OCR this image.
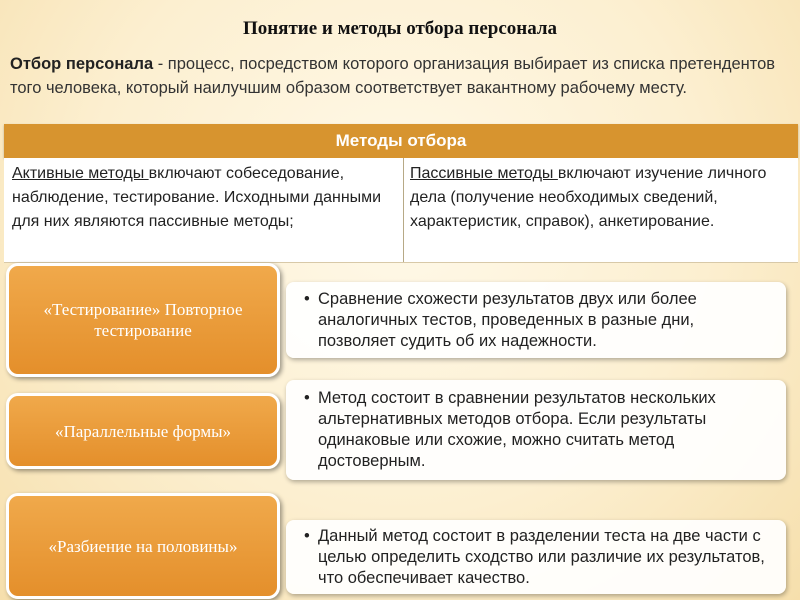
Понятие и методы отбора персонала
Отбор персонала - процесс, посредством которого организация выбирает из списка претендентов того человека, который наилучшим образом соответствует вакантному рабочему месту.
Методы отбора
Активные методы включают собеседование, наблюдение, тестирование. Исходными данными для них являются пассивные методы;
Пассивные методы включают изучение личного дела (получение необходимых сведений, характеристик, справок), анкетирование.
«Тестирование» Повторное тестирование
• Сравнение схожести результатов двух или более аналогичных тестов, проведенных в разные дни, позволяет судить об их надежности.
«Параллельные формы»
• Метод состоит в сравнении результатов нескольких альтернативных методов отбора. Если результаты одинаковые или схожие, можно считать метод достоверным.
«Разбиение на половины»
• Данный метод состоит в разделении теста на две части с целью определить сходство или различие их результатов, что обеспечивает качество.
